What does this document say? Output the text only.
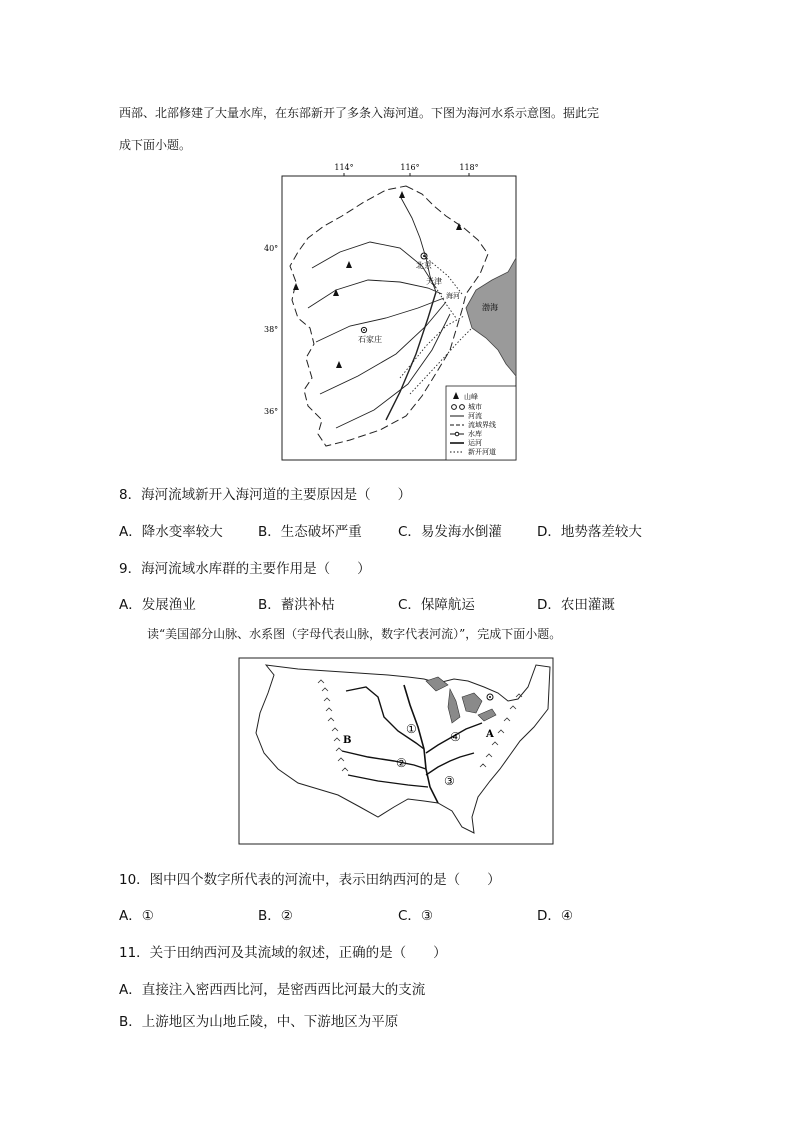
西部、北部修建了大量水库，在东部新开了多条入海河道。下图为海河水系示意图。据此完
成下面小题。
114°	116°	118°
40°
38°
36°
渤海
北京
天津
海河
石家庄
山峰
城市
河流
流域界线
水库
运河
新开河道
8．海河流域新开入海河道的主要原因是（　　）
A．降水变率较大	B．生态破坏严重	C．易发海水倒灌	D．地势落差较大
9．海河流域水库群的主要作用是（　　）
A．发展渔业	B．蓄洪补枯	C．保障航运	D．农田灌溉
读“美国部分山脉、水系图（字母代表山脉，数字代表河流）”，完成下面小题。
B
A
①
②
③
④
10．图中四个数字所代表的河流中，表示田纳西河的是（　　）
A．①	B．②	C．③	D．④
11．关于田纳西河及其流域的叙述，正确的是（　　）
A．直接注入密西西比河，是密西西比河最大的支流
B．上游地区为山地丘陵，中、下游地区为平原
